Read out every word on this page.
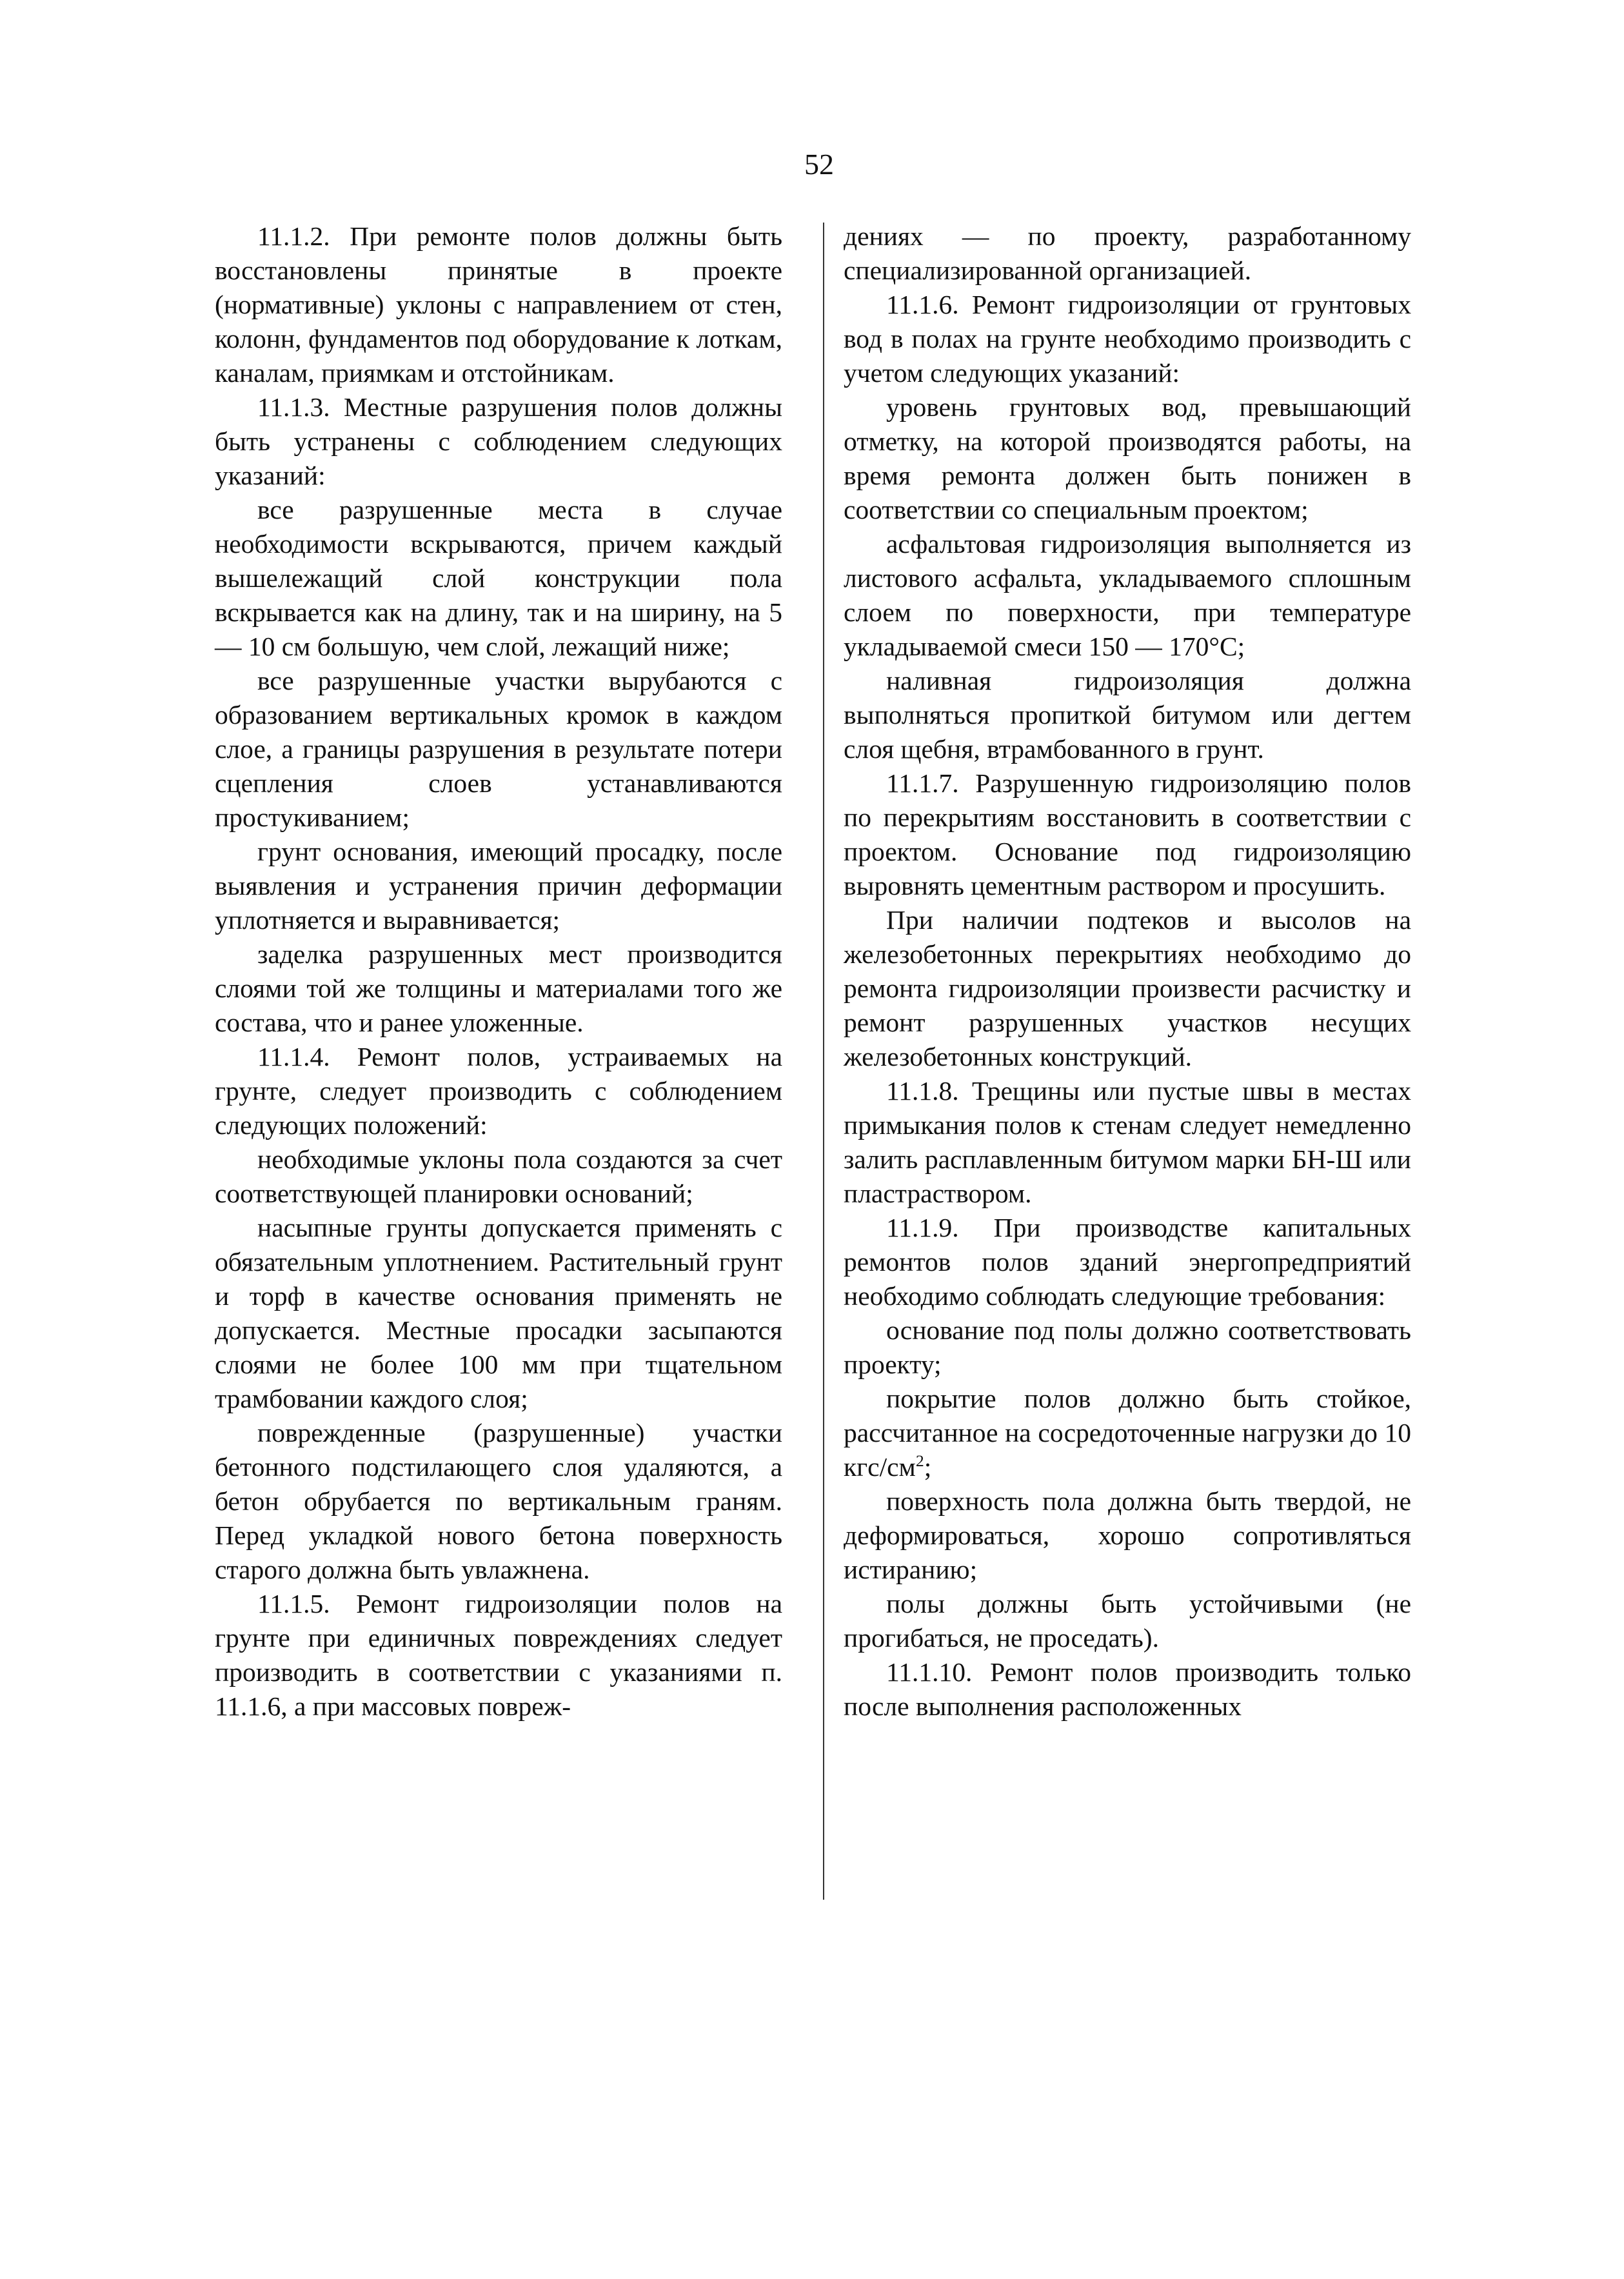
52

11.1.2. При ремонте полов должны быть восстановлены принятые в проекте (нормативные) уклоны с направлением от стен, колонн, фундаментов под оборудование к лоткам, каналам, приямкам и отстойникам.

11.1.3. Местные разрушения полов должны быть устранены с соблюдением следующих указаний:

все разрушенные места в случае необходимости вскрываются, причем каждый вышележащий слой конструкции пола вскрывается как на длину, так и на ширину, на 5 — 10 см большую, чем слой, лежащий ниже;

все разрушенные участки вырубаются с образованием вертикальных кромок в каждом слое, а границы разрушения в результате потери сцепления слоев устанавливаются простукиванием;

грунт основания, имеющий просадку, после выявления и устранения причин деформации уплотняется и выравнивается;

заделка разрушенных мест производится слоями той же толщины и материалами того же состава, что и ранее уложенные.

11.1.4. Ремонт полов, устраиваемых на грунте, следует производить с соблюдением следующих положений:

необходимые уклоны пола создаются за счет соответствующей планировки оснований;

насыпные грунты допускается применять с обязательным уплотнением. Растительный грунт и торф в качестве основания применять не допускается. Местные просадки засыпаются слоями не более 100 мм при тщательном трамбовании каждого слоя;

поврежденные (разрушенные) участки бетонного подстилающего слоя удаляются, а бетон обрубается по вертикальным граням. Перед укладкой нового бетона поверхность старого должна быть увлажнена.

11.1.5. Ремонт гидроизоляции полов на грунте при единичных повреждениях следует производить в соответствии с указаниями п. 11.1.6, а при массовых повреж-

дениях — по проекту, разработанному специализированной организацией.

11.1.6. Ремонт гидроизоляции от грунтовых вод в полах на грунте необходимо производить с учетом следующих указаний:

уровень грунтовых вод, превышающий отметку, на которой производятся работы, на время ремонта должен быть понижен в соответствии со специальным проектом;

асфальтовая гидроизоляция выполняется из листового асфальта, укладываемого сплошным слоем по поверхности, при температуре укладываемой смеси 150 — 170°С;

наливная гидроизоляция должна выполняться пропиткой битумом или дегтем слоя щебня, втрамбованного в грунт.

11.1.7. Разрушенную гидроизоляцию полов по перекрытиям восстановить в соответствии с проектом. Основание под гидроизоляцию выровнять цементным раствором и просушить.

При наличии подтеков и высолов на железобетонных перекрытиях необходимо до ремонта гидроизоляции произвести расчистку и ремонт разрушенных участков несущих железобетонных конструкций.

11.1.8. Трещины или пустые швы в местах примыкания полов к стенам следует немедленно залить расплавленным битумом марки БН-Ш или пластраствором.

11.1.9. При производстве капитальных ремонтов полов зданий энергопредприятий необходимо соблюдать следующие требования:

основание под полы должно соответствовать проекту;

покрытие полов должно быть стойкое, рассчитанное на сосредоточенные нагрузки до 10 кгс/$см^2$;

поверхность пола должна быть твердой, не деформироваться, хорошо сопротивляться истиранию;

полы должны быть устойчивыми (не прогибаться, не проседать).

11.1.10. Ремонт полов производить только после выполнения расположенных
